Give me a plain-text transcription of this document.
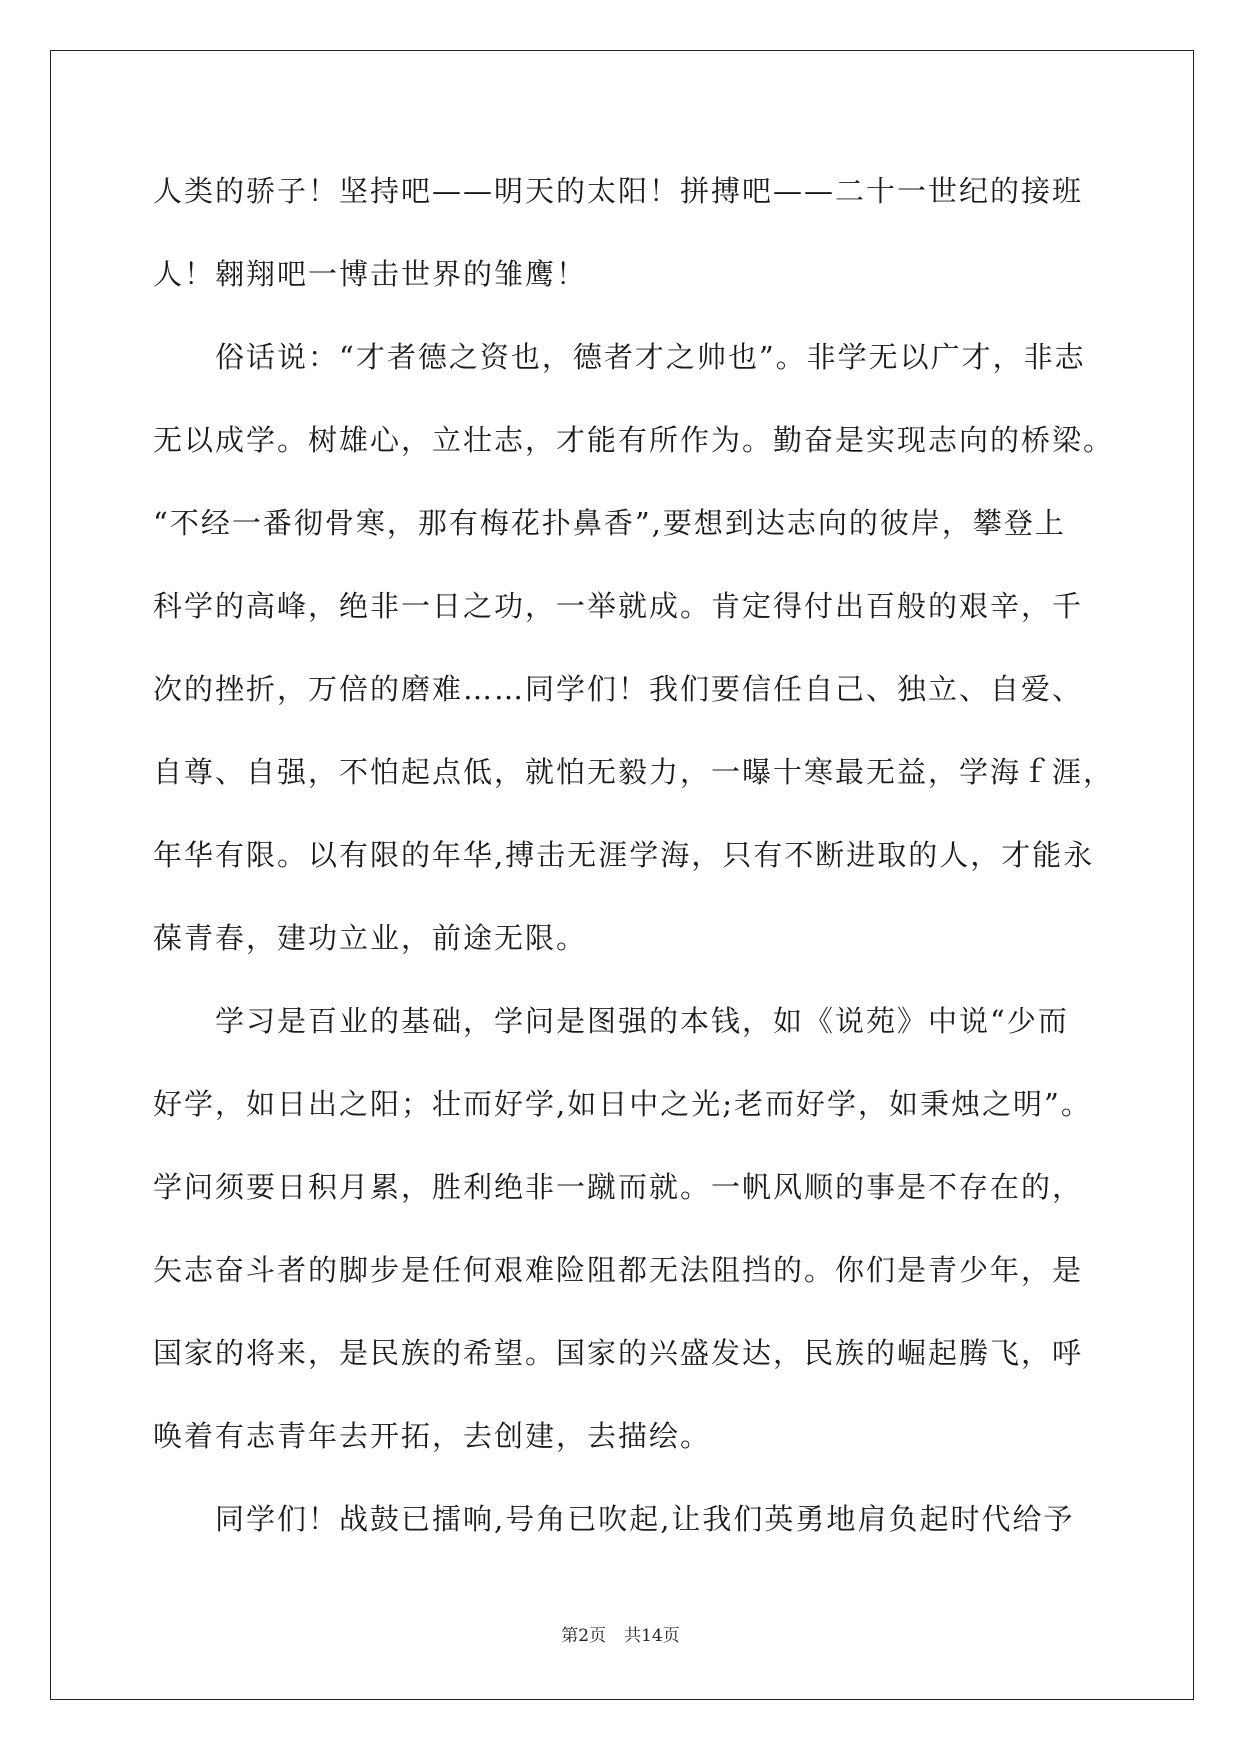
人类的骄子！坚持吧——明天的太阳！拼搏吧——二十一世纪的接班
人！翱翔吧一博击世界的雏鹰！
俗话说：“才者德之资也，德者才之帅也”。非学无以广才，非志
无以成学。树雄心，立壮志，才能有所作为。勤奋是实现志向的桥梁。
“不经一番彻骨寒，那有梅花扑鼻香”,要想到达志向的彼岸，攀登上
科学的高峰，绝非一日之功，一举就成。肯定得付出百般的艰辛，千
次的挫折，万倍的磨难……同学们！我们要信任自己、独立、自爱、
自尊、自强，不怕起点低，就怕无毅力，一曝十寒最无益，学海ｆ涯，
年华有限。以有限的年华,搏击无涯学海，只有不断进取的人，才能永
葆青春，建功立业，前途无限。
学习是百业的基础，学问是图强的本钱，如《说苑》中说“少而
好学，如日出之阳；壮而好学,如日中之光;老而好学，如秉烛之明”。
学问须要日积月累，胜利绝非一蹴而就。一帆风顺的事是不存在的，
矢志奋斗者的脚步是任何艰难险阻都无法阻挡的。你们是青少年，是
国家的将来，是民族的希望。国家的兴盛发达，民族的崛起腾飞，呼
唤着有志青年去开拓，去创建，去描绘。
同学们！战鼓已擂响,号角已吹起,让我们英勇地肩负起时代给予
第2页 共14页
